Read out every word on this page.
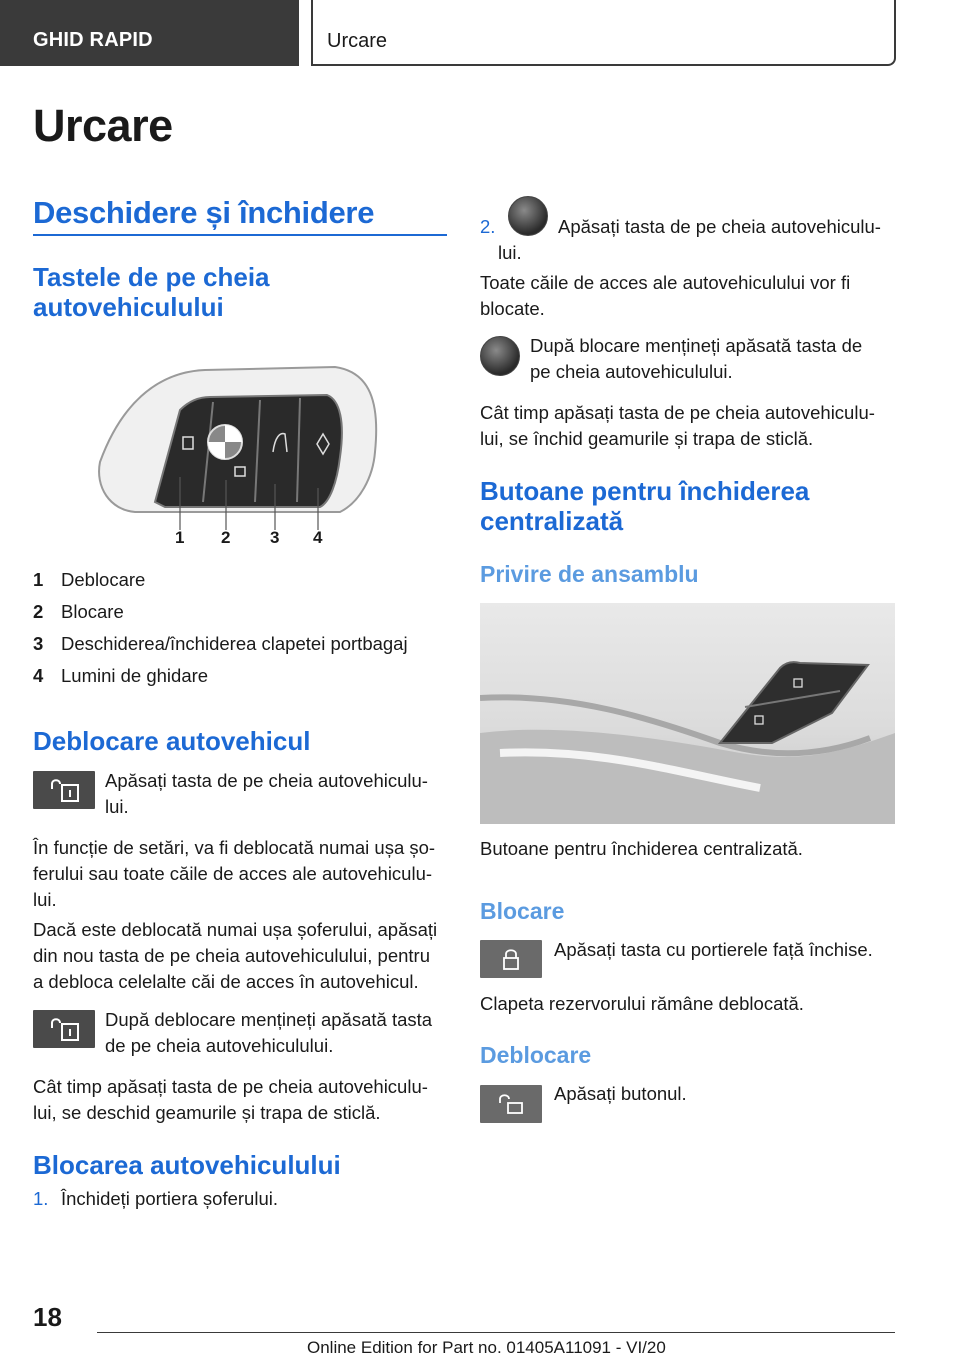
GHID RAPID	Urcare
Urcare
Deschidere și închidere
Tastele de pe cheia autovehiculului
1 2 3 4
1 Deblocare
2 Blocare
3 Deschiderea/închiderea clapetei portbagaj
4 Lumini de ghidare
Deblocare autovehicul
Apăsați tasta de pe cheia autovehiculu-
lui.
În funcție de setări, va fi deblocată numai ușa șo-
ferului sau toate căile de acces ale autovehiculu-
lui.
Dacă este deblocată numai ușa șoferului, apăsați
din nou tasta de pe cheia autovehiculului, pentru
a debloca celelalte căi de acces în autovehicul.
După deblocare mențineți apăsată tasta
de pe cheia autovehiculului.
Cât timp apăsați tasta de pe cheia autovehiculu-
lui, se deschid geamurile și trapa de sticlă.
Blocarea autovehiculului
1. Închideți portiera șoferului.
2.	Apăsați tasta de pe cheia autovehiculu-
lui.
Toate căile de acces ale autovehiculului vor fi
blocate.
După blocare mențineți apăsată tasta de
pe cheia autovehiculului.
Cât timp apăsați tasta de pe cheia autovehiculu-
lui, se închid geamurile și trapa de sticlă.
Butoane pentru închiderea centralizată
Privire de ansamblu
Butoane pentru închiderea centralizată.
Blocare
Apăsați tasta cu portierele față închise.
Clapeta rezervorului rămâne deblocată.
Deblocare
Apăsați butonul.
18
Online Edition for Part no. 01405A11091 - VI/20
